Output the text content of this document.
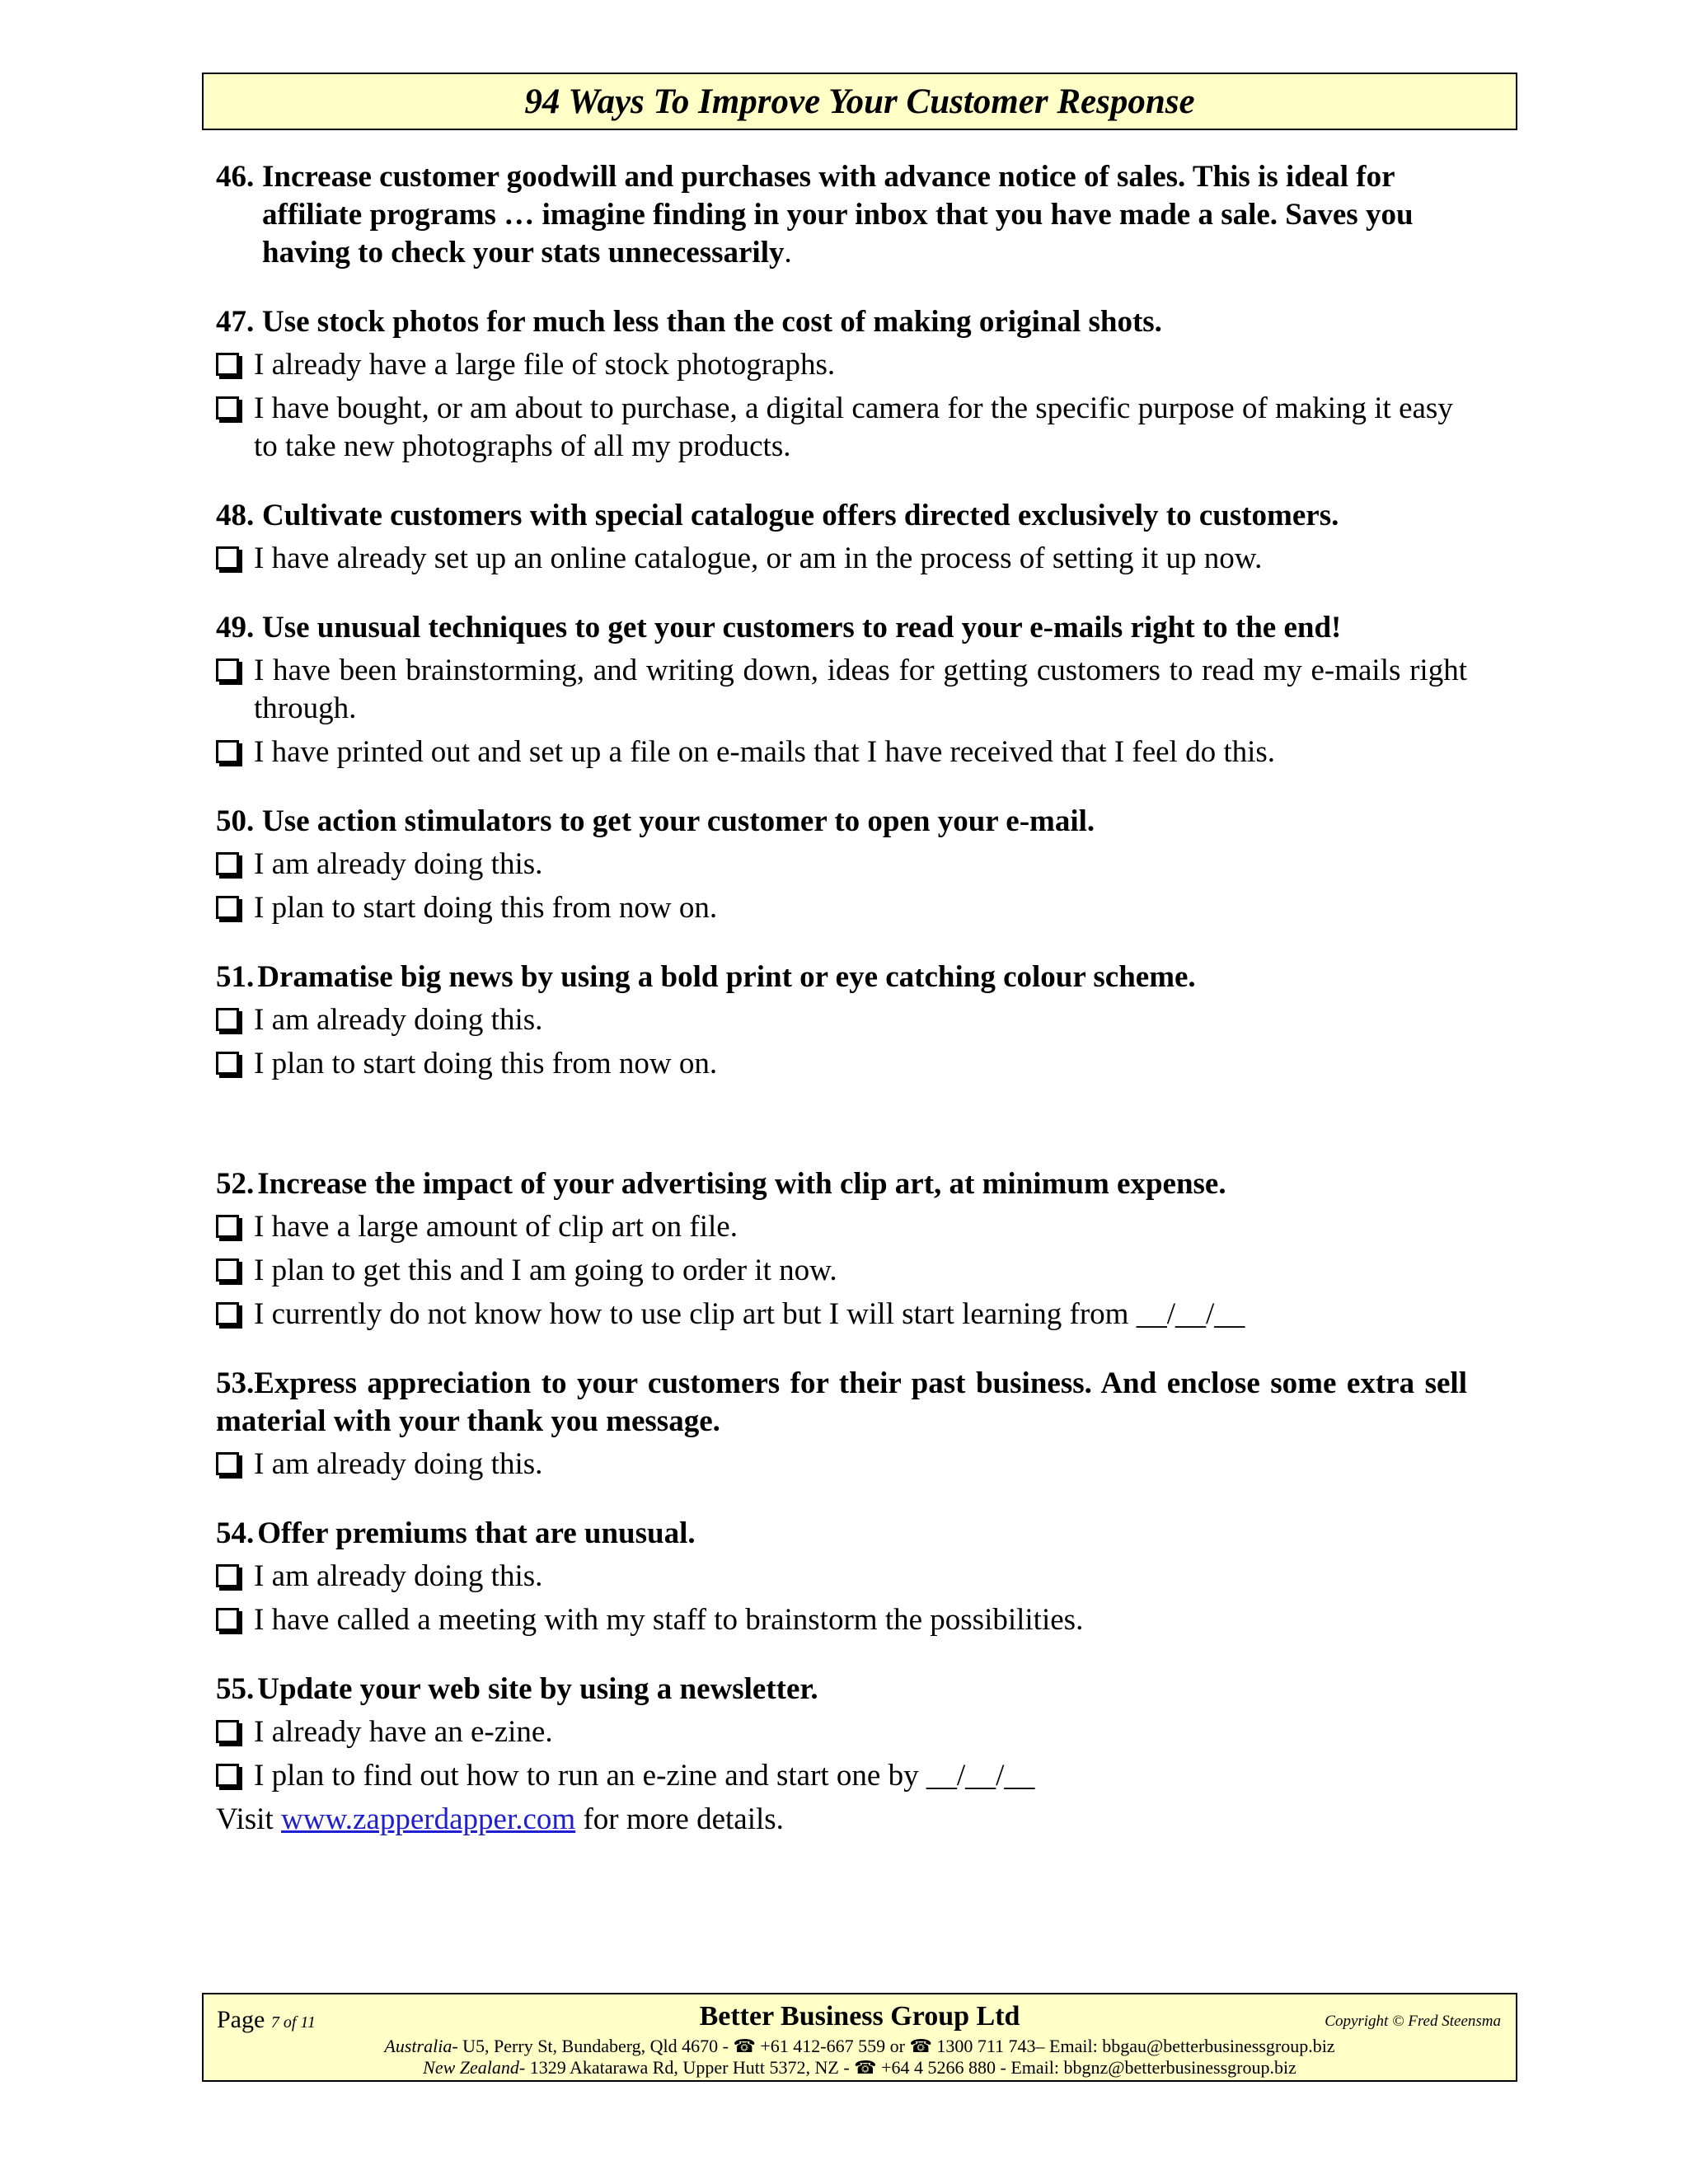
94 Ways To Improve Your Customer Response
46. Increase customer goodwill and purchases with advance notice of sales. This is ideal for affiliate programs … imagine finding in your inbox that you have made a sale. Saves you having to check your stats unnecessarily.
47. Use stock photos for much less than the cost of making original shots.
I already have a large file of stock photographs.
I have bought, or am about to purchase, a digital camera for the specific purpose of making it easy to take new photographs of all my products.
48. Cultivate customers with special catalogue offers directed exclusively to customers.
I have already set up an online catalogue, or am in the process of setting it up now.
49. Use unusual techniques to get your customers to read your e-mails right to the end!
I have been brainstorming, and writing down, ideas for getting customers to read my e-mails right through.
I have printed out and set up a file on e-mails that I have received that I feel do this.
50. Use action stimulators to get your customer to open your e-mail.
I am already doing this.
I plan to start doing this from now on.
51. Dramatise big news by using a bold print or eye catching colour scheme.
I am already doing this.
I plan to start doing this from now on.
52. Increase the impact of your advertising with clip art, at minimum expense.
I have a large amount of clip art on file.
I plan to get this and I am going to order it now.
I currently do not know how to use clip art but I will start learning from __/__/__
53.Express appreciation to your customers for their past business. And enclose some extra sell material with your thank you message.
I am already doing this.
54. Offer premiums that are unusual.
I am already doing this.
I have called a meeting with my staff to brainstorm the possibilities.
55. Update your web site by using a newsletter.
I already have an e-zine.
I plan to find out how to run an e-zine and start one by __/__/__
Visit www.zapperdapper.com for more details.
Page 7 of 11	Better Business Group Ltd	Copyright © Fred Steensma
Australia- U5, Perry St, Bundaberg, Qld 4670 - ☎ +61 412-667 559 or ☎ 1300 711 743– Email: bbgau@betterbusinessgroup.biz
New Zealand- 1329 Akatarawa Rd, Upper Hutt 5372, NZ - ☎ +64 4 5266 880 - Email: bbgnz@betterbusinessgroup.biz
